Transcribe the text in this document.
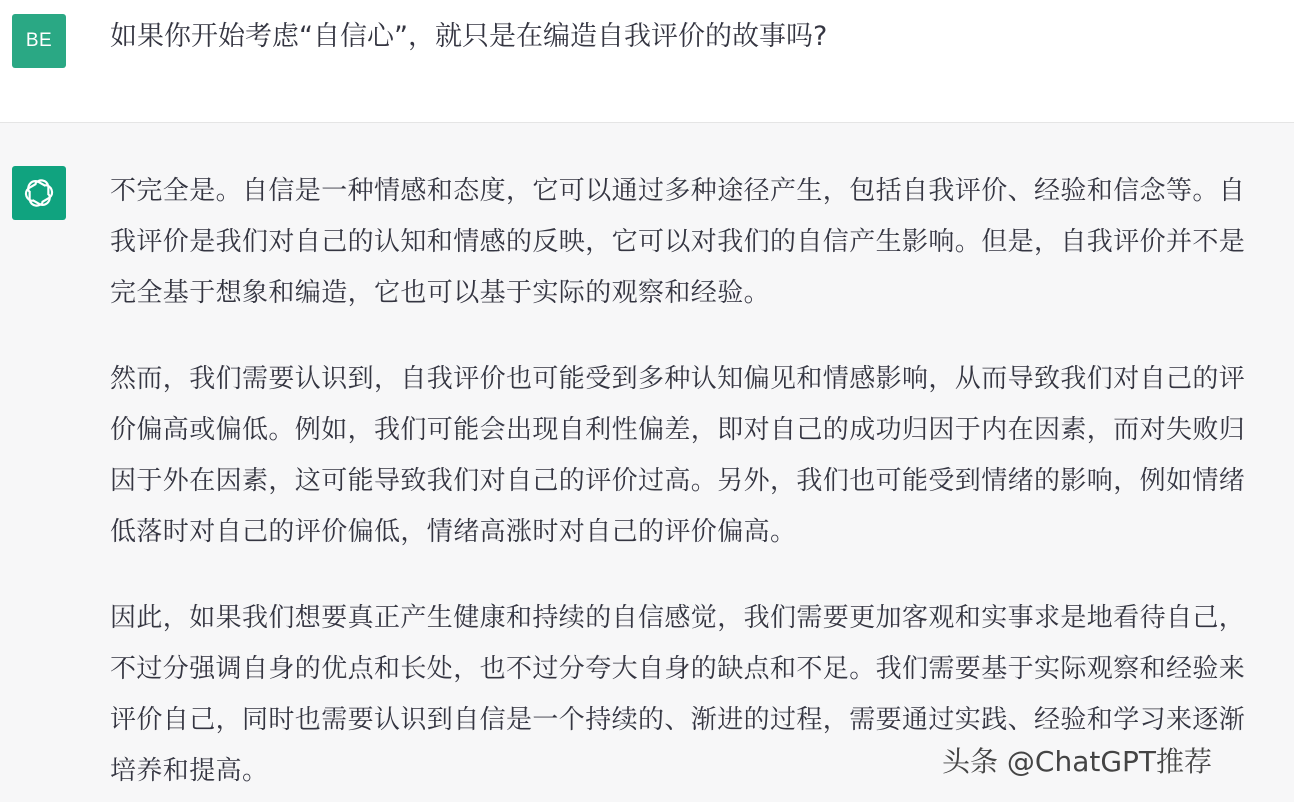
BE	如果你开始考虑“自信心”，就只是在编造自我评价的故事吗?

不完全是。自信是一种情感和态度，它可以通过多种途径产生，包括自我评价、经验和信念等。自我评价是我们对自己的认知和情感的反映，它可以对我们的自信产生影响。但是，自我评价并不是完全基于想象和编造，它也可以基于实际的观察和经验。

然而，我们需要认识到，自我评价也可能受到多种认知偏见和情感影响，从而导致我们对自己的评价偏高或偏低。例如，我们可能会出现自利性偏差，即对自己的成功归因于内在因素，而对失败归因于外在因素，这可能导致我们对自己的评价过高。另外，我们也可能受到情绪的影响，例如情绪低落时对自己的评价偏低，情绪高涨时对自己的评价偏高。

因此，如果我们想要真正产生健康和持续的自信感觉，我们需要更加客观和实事求是地看待自己，不过分强调自身的优点和长处，也不过分夸大自身的缺点和不足。我们需要基于实际观察和经验来评价自己，同时也需要认识到自信是一个持续的、渐进的过程，需要通过实践、经验和学习来逐渐培养和提高。	头条 @ChatGPT推荐
